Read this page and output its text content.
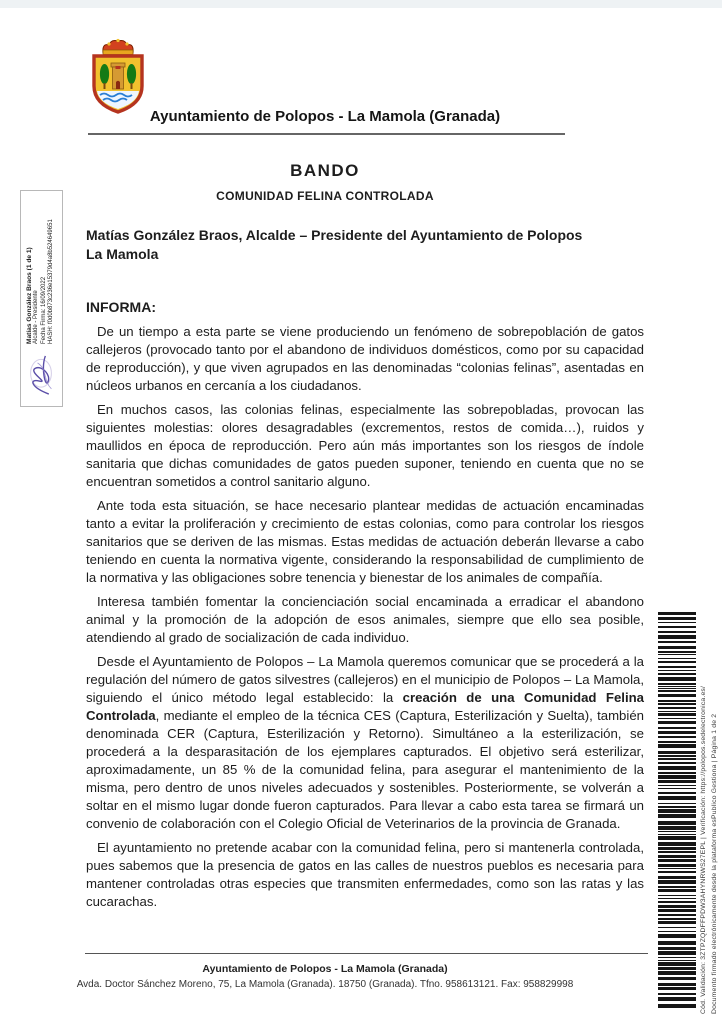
Ayuntamiento de Polopos - La Mamola (Granada)
BANDO
COMUNIDAD FELINA CONTROLADA
Matías González Braos, Alcalde – Presidente del Ayuntamiento de Polopos La Mamola
INFORMA:

De un tiempo a esta parte se viene produciendo un fenómeno de sobrepoblación de gatos callejeros (provocado tanto por el abandono de individuos domésticos, como por su capacidad de reproducción), y que viven agrupados en las denominadas “colonias felinas”, asentadas en núcleos urbanos en cercanía a los ciudadanos.

En muchos casos, las colonias felinas, especialmente las sobrepobladas, provocan las siguientes molestias: olores desagradables (excrementos, restos de comida…), ruidos y maullidos en época de reproducción. Pero aún más importantes son los riesgos de índole sanitaria que dichas comunidades de gatos pueden suponer, teniendo en cuenta que no se encuentran sometidos a control sanitario alguno.

Ante toda esta situación, se hace necesario plantear medidas de actuación encaminadas tanto a evitar la proliferación y crecimiento de estas colonias, como para controlar los riesgos sanitarios que se deriven de las mismas. Estas medidas de actuación deberán llevarse a cabo teniendo en cuenta la normativa vigente, considerando la responsabilidad de cumplimiento de la normativa y las obligaciones sobre tenencia y bienestar de los animales de compañía.

Interesa también fomentar la concienciación social encaminada a erradicar el abandono animal y la promoción de la adopción de esos animales, siempre que ello sea posible, atendiendo al grado de socialización de cada individuo.

Desde el Ayuntamiento de Polopos – La Mamola queremos comunicar que se procederá a la regulación del número de gatos silvestres (callejeros) en el municipio de Polopos – La Mamola, siguiendo el único método legal establecido: la creación de una Comunidad Felina Controlada, mediante el empleo de la técnica CES (Captura, Esterilización y Suelta), también denominada CER (Captura, Esterilización y Retorno). Simultáneo a la esterilización, se procederá a la desparasitación de los ejemplares capturados. El objetivo será esterilizar, aproximadamente, un 85 % de la comunidad felina, para asegurar el mantenimiento de la misma, pero dentro de unos niveles adecuados y sostenibles. Posteriormente, se volverán a soltar en el mismo lugar donde fueron capturados. Para llevar a cabo esta tarea se firmará un convenio de colaboración con el Colegio Oficial de Veterinarios de la provincia de Granada.

El ayuntamiento no pretende acabar con la comunidad felina, pero si mantenerla controlada, pues sabemos que la presencia de gatos en las calles de nuestros pueblos es necesaria para mantener controladas otras especies que transmiten enfermedades, como son las ratas y las cucarachas.

Ayuntamiento de Polopos - La Mamola (Granada)
Avda. Doctor Sánchez Moreno, 75, La Mamola (Granada). 18750 (Granada). Tfno. 958613121. Fax: 958829998
Matías González Braos (1 de 1) Alcalde - Presidente Fecha Firma: 16/09/2022 HASH: f0d0b873c236e15379d4a8b524649651
Cód. Validación: 3ZTPZQDFFPDW3AHYNRWS27EPL | Verificación: https://polopos.sedelectronica.es/ Documento firmado electrónicamente desde la plataforma esPublico Gestiona | Página 1 de 2
